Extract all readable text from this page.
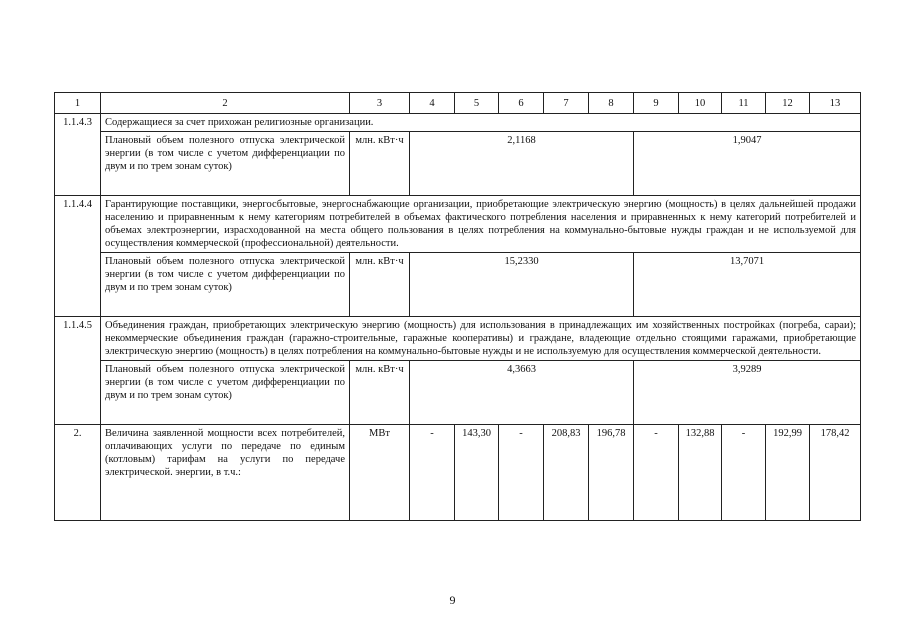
1	2	3	4	5	6	7	8	9	10	11	12	13
1.1.4.3	Содержащиеся за счет прихожан религиозные организации.											
	Плановый объем полезного отпуска электрической энергии (в том числе с учетом дифференциации по двум и по трем зонам суток)	млн. кВт·ч	2,1168					1,9047				
1.1.4.4	Гарантирующие поставщики, энергосбытовые, энергоснабжающие организации, приобретающие электрическую энергию (мощность) в целях дальнейшей продажи населению и приравненным к нему категориям потребителей в объемах фактического потребления населения и приравненных к нему категорий потребителей и объемах электроэнергии, израсходованной на места общего пользования в целях потребления на коммунально-бытовые нужды граждан и не используемой для осуществления коммерческой (профессиональной) деятельности.											
	Плановый объем полезного отпуска электрической энергии (в том числе с учетом дифференциации по двум и по трем зонам суток)	млн. кВт·ч	15,2330					13,7071				
1.1.4.5	Объединения граждан, приобретающих электрическую энергию (мощность) для использования в принадлежащих им хозяйственных постройках (погреба, сараи); некоммерческие объединения граждан (гаражно-строительные, гаражные кооперативы) и граждане, владеющие отдельно стоящими гаражами, приобретающие электрическую энергию (мощность) в целях потребления на коммунально-бытовые нужды и не используемую для осуществления коммерческой деятельности.											
	Плановый объем полезного отпуска электрической энергии (в том числе с учетом дифференциации по двум и по трем зонам суток)	млн. кВт·ч	4,3663					3,9289				
2.	Величина заявленной мощности всех потребителей, оплачивающих услуги по передаче по единым (котловым) тарифам на услуги по передаче электрической. энергии, в т.ч.:	МВт	-	143,30	-	208,83	196,78	-	132,88	-	192,99	178,42
9
